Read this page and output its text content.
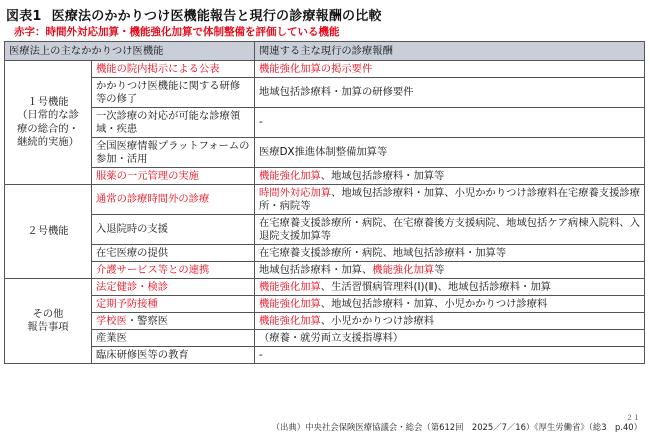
図表1 医療法のかかりつけ医機能報告と現行の診療報酬の比較
赤字：時間外対応加算・機能強化加算で体制整備を評価している機能
医療法上の主なかかりつけ医機能		関連する主な現行の診療報酬

１号機能
（日常的な診
療の総合的・
継続的実施）	機能の院内掲示による公表	機能強化加算の掲示要件
	かかりつけ医機能に関する研修等の修了	地域包括診療料・加算の研修要件
	一次診療の対応が可能な診療領域・疾患	-
	全国医療情報プラットフォームの参加・活用	医療DX推進体制整備加算等
	服薬の一元管理の実施	機能強化加算、地域包括診療料・加算等

２号機能	通常の診療時間外の診療	時間外対応加算、地域包括診療料・加算、小児かかりつけ診療料在宅療養支援診療所・病院等
	入退院時の支援	在宅療養支援診療所・病院、在宅療養後方支援病院、地域包括ケア病棟入院料、入退院支援加算等
	在宅医療の提供	在宅療養支援診療所・病院、地域包括診療料・加算等
	介護サービス等との連携	地域包括診療料・加算、機能強化加算等

その他
報告事項	法定健診・検診	機能強化加算、生活習慣病管理料(Ⅰ)(Ⅱ)、地域包括診療料・加算
	定期予防接種	機能強化加算、地域包括診療料・加算、小児かかりつけ診療料
	学校医・警察医	機能強化加算、小児かかりつけ診療料
	産業医	（療養・就労両立支援指導料）
	臨床研修医等の教育	-
２１
（出典）中央社会保険医療協議会・総会（第612回　2025／7／16）《厚生労働省》（総3　p.40）
